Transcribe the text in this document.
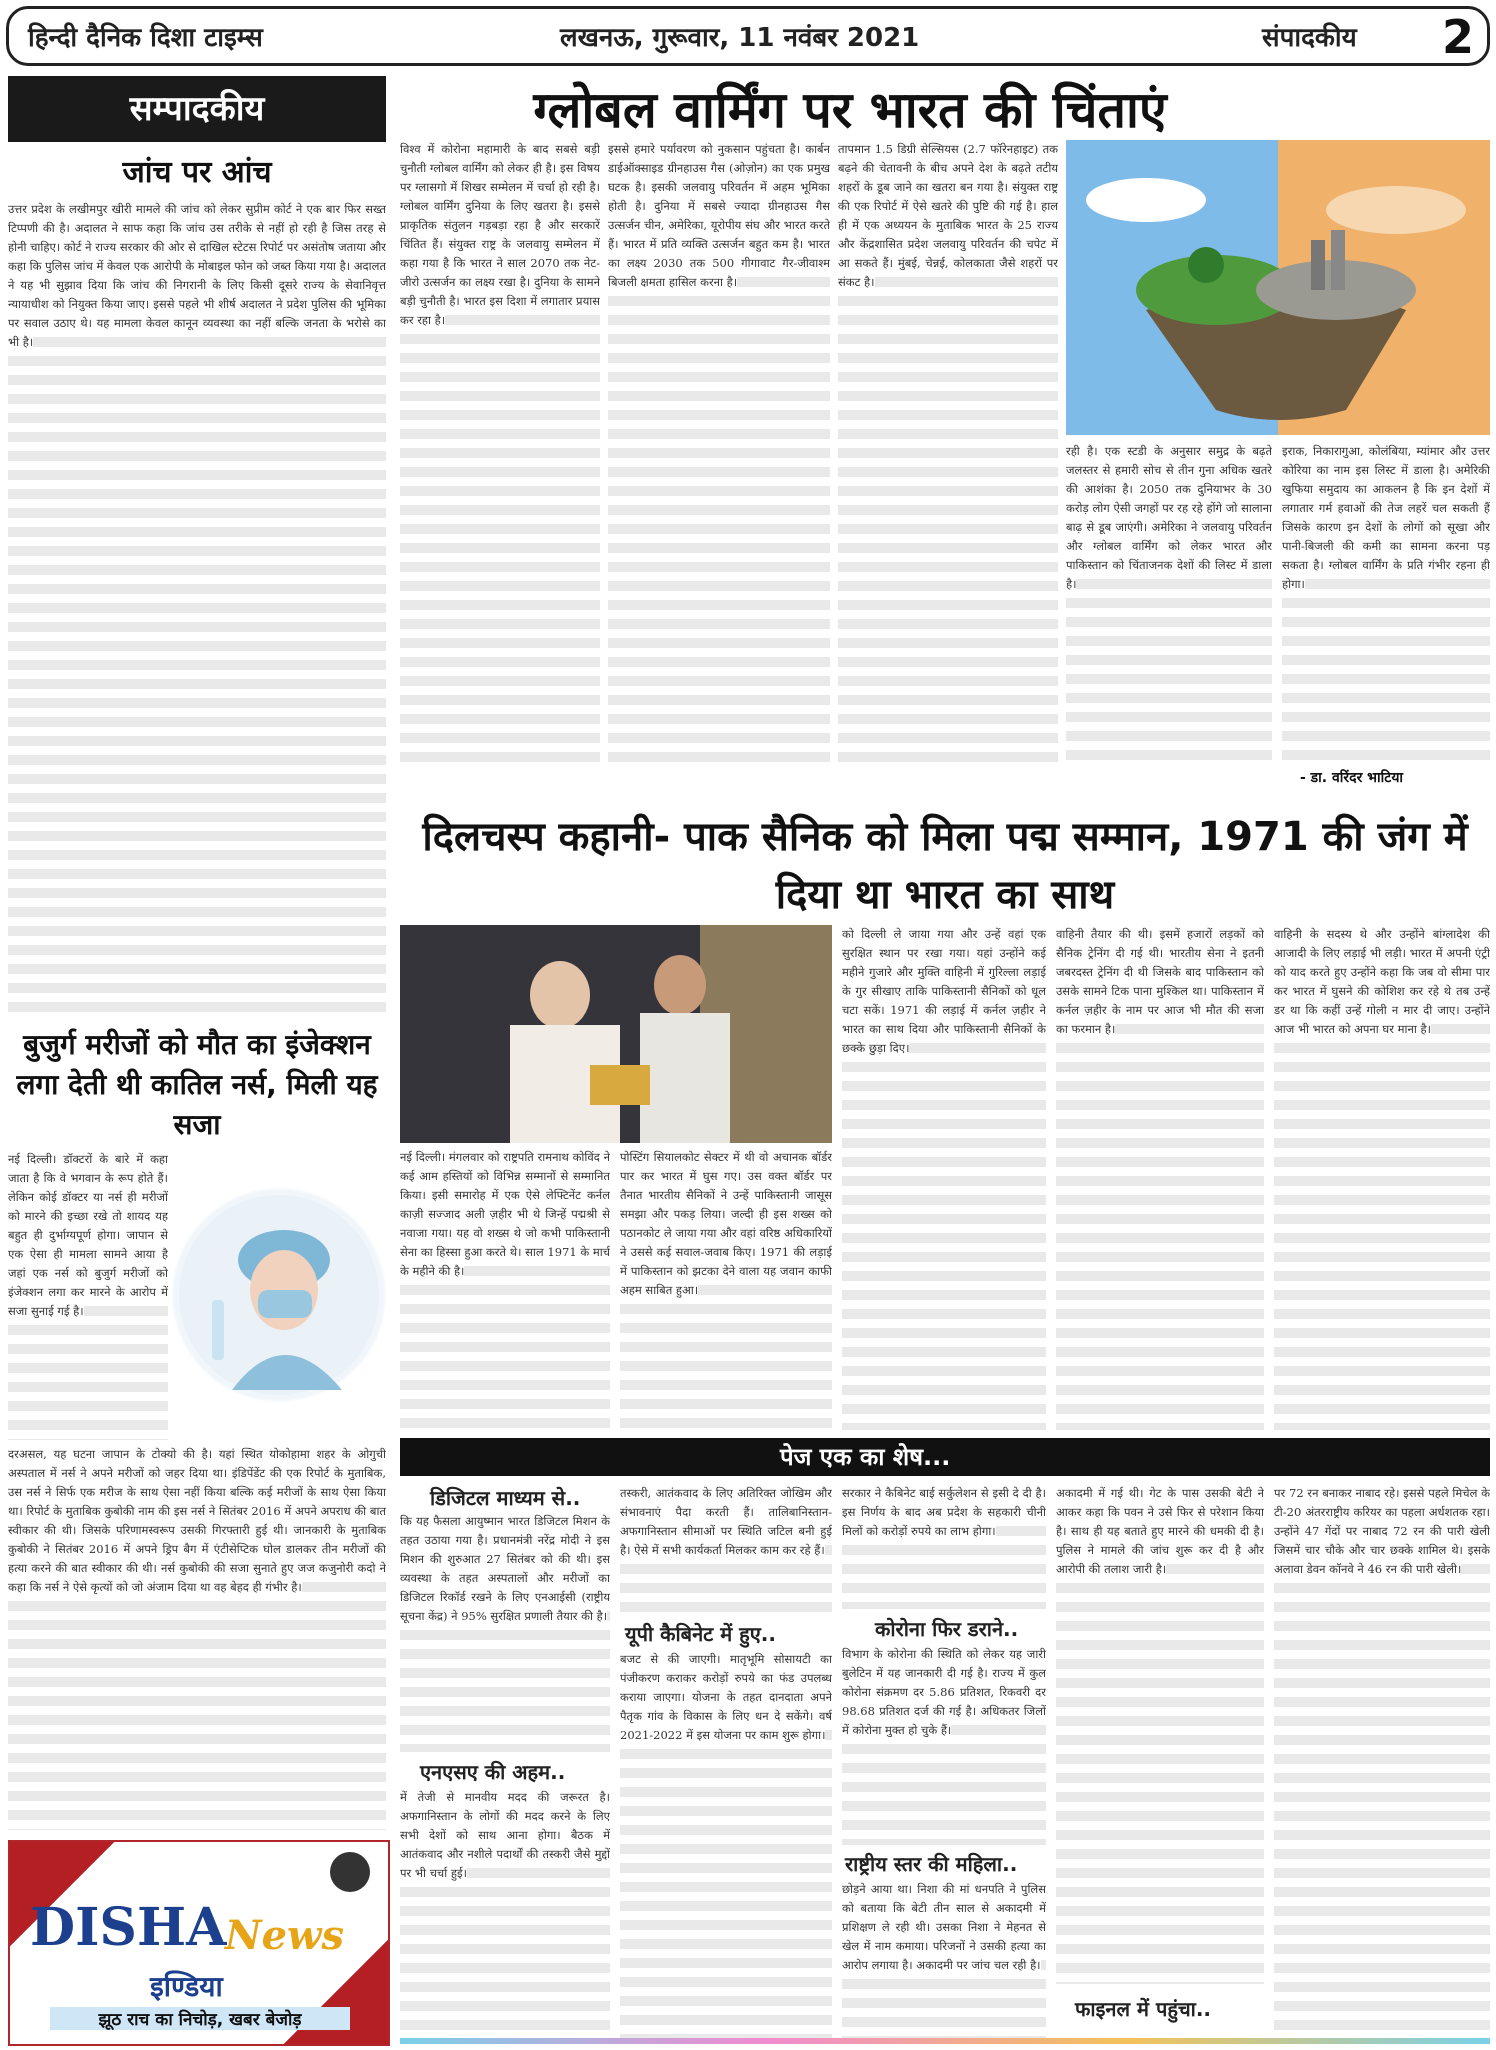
हिन्दी दैनिक दिशा टाइम्स	लखनऊ, गुरूवार, 11 नवंबर 2021	संपादकीय 2
सम्पादकीय
जांच पर आंच

उत्तर प्रदेश के लखीमपुर खीरी मामले की जांच को लेकर सुप्रीम कोर्ट ने एक बार फिर सख्त टिप्पणी की है। अदालत ने साफ कहा कि जांच उस तरीके से नहीं हो रही है जिस तरह से होनी चाहिए। कोर्ट ने राज्य सरकार की ओर से दाखिल स्टेटस रिपोर्ट पर असंतोष जताया और कहा कि पुलिस जांच में केवल एक आरोपी के मोबाइल फोन को जब्त किया गया है। अदालत ने यह भी सुझाव दिया कि जांच की निगरानी के लिए किसी दूसरे राज्य के सेवानिवृत्त न्यायाधीश को नियुक्त किया जाए। इससे पहले भी शीर्ष अदालत ने प्रदेश पुलिस की भूमिका पर सवाल उठाए थे। यह मामला केवल कानून व्यवस्था का नहीं बल्कि जनता के भरोसे का भी है।

बुजुर्ग मरीजों को मौत का इंजेक्शन लगा देती थी कातिल नर्स, मिली यह सजा

नई दिल्ली। डॉक्टरों के बारे में कहा जाता है कि वे भगवान के रूप होते हैं। लेकिन कोई डॉक्टर या नर्स ही मरीजों को मारने की इच्छा रखे तो शायद यह बहुत ही दुर्भाग्यपूर्ण होगा। जापान से एक ऐसा ही मामला सामने आया है जहां एक नर्स को बुजुर्ग मरीजों को इंजेक्शन लगा कर मारने के आरोप में सजा सुनाई गई है।

दरअसल, यह घटना जापान के टोक्यो की है। यहां स्थित योकोहामा शहर के ओगुची अस्पताल में नर्स ने अपने मरीजों को जहर दिया था। इंडिपेंडेंट की एक रिपोर्ट के मुताबिक, उस नर्स ने सिर्फ एक मरीज के साथ ऐसा नहीं किया बल्कि कई मरीजों के साथ ऐसा किया था। रिपोर्ट के मुताबिक कुबोकी नाम की इस नर्स ने सितंबर 2016 में अपने अपराध की बात स्वीकार की थी। जिसके परिणामस्वरूप उसकी गिरफ्तारी हुई थी। जानकारी के मुताबिक कुबोकी ने सितंबर 2016 में अपने ड्रिप बैग में एंटीसेप्टिक घोल डालकर तीन मरीजों की हत्या करने की बात स्वीकार की थी। नर्स कुबोकी की सजा सुनाते हुए जज कजुनोरी कदो ने कहा कि नर्स ने ऐसे कृत्यों को जो अंजाम दिया था वह बेहद ही गंभीर है।

DISHA
News
इण्डिया
झूठ राच का निचोड़, खबर बेजोड़
ग्लोबल वार्मिंग पर भारत की चिंताएं

विश्व में कोरोना महामारी के बाद सबसे बड़ी चुनौती ग्लोबल वार्मिंग को लेकर ही है। इस विषय पर ग्लासगो में शिखर सम्मेलन में चर्चा हो रही है। ग्लोबल वार्मिंग दुनिया के लिए खतरा है। इससे प्राकृतिक संतुलन गड़बड़ा रहा है और सरकारें चिंतित हैं। संयुक्त राष्ट्र के जलवायु सम्मेलन में कहा गया है कि भारत ने साल 2070 तक नेट-जीरो उत्सर्जन का लक्ष्य रखा है। दुनिया के सामने बड़ी चुनौती है। भारत इस दिशा में लगातार प्रयास कर रहा है।

इससे हमारे पर्यावरण को नुकसान पहुंचता है। कार्बन डाईऑक्साइड ग्रीनहाउस गैस (ओज़ोन) का एक प्रमुख घटक है। इसकी जलवायु परिवर्तन में अहम भूमिका होती है। दुनिया में सबसे ज्यादा ग्रीनहाउस गैस उत्सर्जन चीन, अमेरिका, यूरोपीय संघ और भारत करते हैं। भारत में प्रति व्यक्ति उत्सर्जन बहुत कम है। भारत का लक्ष्य 2030 तक 500 गीगावाट गैर-जीवाश्म बिजली क्षमता हासिल करना है।

तापमान 1.5 डिग्री सेल्सियस (2.7 फॉरेनहाइट) तक बढ़ने की चेतावनी के बीच अपने देश के बढ़ते तटीय शहरों के डूब जाने का खतरा बन गया है। संयुक्त राष्ट्र की एक रिपोर्ट में ऐसे खतरे की पुष्टि की गई है। हाल ही में एक अध्ययन के मुताबिक भारत के 25 राज्य और केंद्रशासित प्रदेश जलवायु परिवर्तन की चपेट में आ सकते हैं। मुंबई, चेन्नई, कोलकाता जैसे शहरों पर संकट है।

रही है। एक स्टडी के अनुसार समुद्र के बढ़ते जलस्तर से हमारी सोच से तीन गुना अधिक खतरे की आशंका है। 2050 तक दुनियाभर के 30 करोड़ लोग ऐसी जगहों पर रह रहे होंगे जो सालाना बाढ़ से डूब जाएंगी। अमेरिका ने जलवायु परिवर्तन और ग्लोबल वार्मिंग को लेकर भारत और पाकिस्तान को चिंताजनक देशों की लिस्ट में डाला है।

इराक, निकारागुआ, कोलंबिया, म्यांमार और उत्तर कोरिया का नाम इस लिस्ट में डाला है। अमेरिकी खुफिया समुदाय का आकलन है कि इन देशों में लगातार गर्म हवाओं की तेज लहरें चल सकती हैं जिसके कारण इन देशों के लोगों को सूखा और पानी-बिजली की कमी का सामना करना पड़ सकता है। ग्लोबल वार्मिंग के प्रति गंभीर रहना ही होगा।

- डा. वरिंदर भाटिया
दिलचस्प कहानी- पाक सैनिक को मिला पद्म सम्मान, 1971 की जंग में दिया था भारत का साथ

नई दिल्ली। मंगलवार को राष्ट्रपति रामनाथ कोविंद ने कई आम हस्तियों को विभिन्न सम्मानों से सम्मानित किया। इसी समारोह में एक ऐसे लेफ्टिनेंट कर्नल काज़ी सज्जाद अली ज़हीर भी थे जिन्हें पद्मश्री से नवाजा गया। यह वो शख्स थे जो कभी पाकिस्तानी सेना का हिस्सा हुआ करते थे। साल 1971 के मार्च के महीने की है।

पोस्टिंग सियालकोट सेक्टर में थी वो अचानक बॉर्डर पार कर भारत में घुस गए। उस वक्त बॉर्डर पर तैनात भारतीय सैनिकों ने उन्हें पाकिस्तानी जासूस समझा और पकड़ लिया। जल्दी ही इस शख्स को पठानकोट ले जाया गया और वहां वरिष्ठ अधिकारियों ने उससे कई सवाल-जवाब किए। 1971 की लड़ाई में पाकिस्तान को झटका देने वाला यह जवान काफी अहम साबित हुआ।

को दिल्ली ले जाया गया और उन्हें वहां एक सुरक्षित स्थान पर रखा गया। यहां उन्होंने कई महीने गुजारे और मुक्ति वाहिनी में गुरिल्ला लड़ाई के गुर सीखाए ताकि पाकिस्तानी सैनिकों को धूल चटा सकें। 1971 की लड़ाई में कर्नल ज़हीर ने भारत का साथ दिया और पाकिस्तानी सैनिकों के छक्के छुड़ा दिए।

वाहिनी तैयार की थी। इसमें हजारों लड़कों को सैनिक ट्रेनिंग दी गई थी। भारतीय सेना ने इतनी जबरदस्त ट्रेनिंग दी थी जिसके बाद पाकिस्तान को उसके सामने टिक पाना मुश्किल था। पाकिस्तान में कर्नल ज़हीर के नाम पर आज भी मौत की सजा का फरमान है।

वाहिनी के सदस्य थे और उन्होंने बांग्लादेश की आजादी के लिए लड़ाई भी लड़ी। भारत में अपनी एंट्री को याद करते हुए उन्होंने कहा कि जब वो सीमा पार कर भारत में घुसने की कोशिश कर रहे थे तब उन्हें डर था कि कहीं उन्हें गोली न मार दी जाए। उन्होंने आज भी भारत को अपना घर माना है।

पेज एक का शेष...
डिजिटल माध्यम से..

कि यह फैसला आयुष्मान भारत डिजिटल मिशन के तहत उठाया गया है। प्रधानमंत्री नरेंद्र मोदी ने इस मिशन की शुरुआत 27 सितंबर को की थी। इस व्यवस्था के तहत अस्पतालों और मरीजों का डिजिटल रिकॉर्ड रखने के लिए एनआईसी (राष्ट्रीय सूचना केंद्र) ने 95% सुरक्षित प्रणाली तैयार की है।

एनएसए की अहम..

में तेजी से मानवीय मदद की जरूरत है। अफगानिस्तान के लोगों की मदद करने के लिए सभी देशों को साथ आना होगा। बैठक में आतंकवाद और नशीले पदार्थों की तस्करी जैसे मुद्दों पर भी चर्चा हुई।

तस्करी, आतंकवाद के लिए अतिरिक्त जोखिम और संभावनाएं पैदा करती हैं। तालिबानिस्तान-अफगानिस्तान सीमाओं पर स्थिति जटिल बनी हुई है। ऐसे में सभी कार्यकर्ता मिलकर काम कर रहे हैं।

यूपी कैबिनेट में हुए..

बजट से की जाएगी। मातृभूमि सोसायटी का पंजीकरण कराकर करोड़ों रुपये का फंड उपलब्ध कराया जाएगा। योजना के तहत दानदाता अपने पैतृक गांव के विकास के लिए धन दे सकेंगे। वर्ष 2021-2022 में इस योजना पर काम शुरू होगा।

सरकार ने कैबिनेट बाई सर्कुलेशन से इसी दे दी है। इस निर्णय के बाद अब प्रदेश के सहकारी चीनी मिलों को करोड़ों रुपये का लाभ होगा।

कोरोना फिर डराने..

विभाग के कोरोना की स्थिति को लेकर यह जारी बुलेटिन में यह जानकारी दी गई है। राज्य में कुल कोरोना संक्रमण दर 5.86 प्रतिशत, रिकवरी दर 98.68 प्रतिशत दर्ज की गई है। अधिकतर जिलों में कोरोना मुक्त हो चुके हैं।

राष्ट्रीय स्तर की महिला..

छोड़ने आया था। निशा की मां धनपति ने पुलिस को बताया कि बेटी तीन साल से अकादमी में प्रशिक्षण ले रही थी। उसका निशा ने मेहनत से खेल में नाम कमाया। परिजनों ने उसकी हत्या का आरोप लगाया है। अकादमी पर जांच चल रही है।

अकादमी में गई थी। गेट के पास उसकी बेटी ने आकर कहा कि पवन ने उसे फिर से परेशान किया है। साथ ही यह बताते हुए मारने की धमकी दी है। पुलिस ने मामले की जांच शुरू कर दी है और आरोपी की तलाश जारी है।

फाइनल में पहुंचा..

पर 72 रन बनाकर नाबाद रहे। इससे पहले मिचेल के टी-20 अंतरराष्ट्रीय करियर का पहला अर्धशतक रहा। उन्होंने 47 गेंदों पर नाबाद 72 रन की पारी खेली जिसमें चार चौके और चार छक्के शामिल थे। इसके अलावा डेवन कॉनवे ने 46 रन की पारी खेली।
